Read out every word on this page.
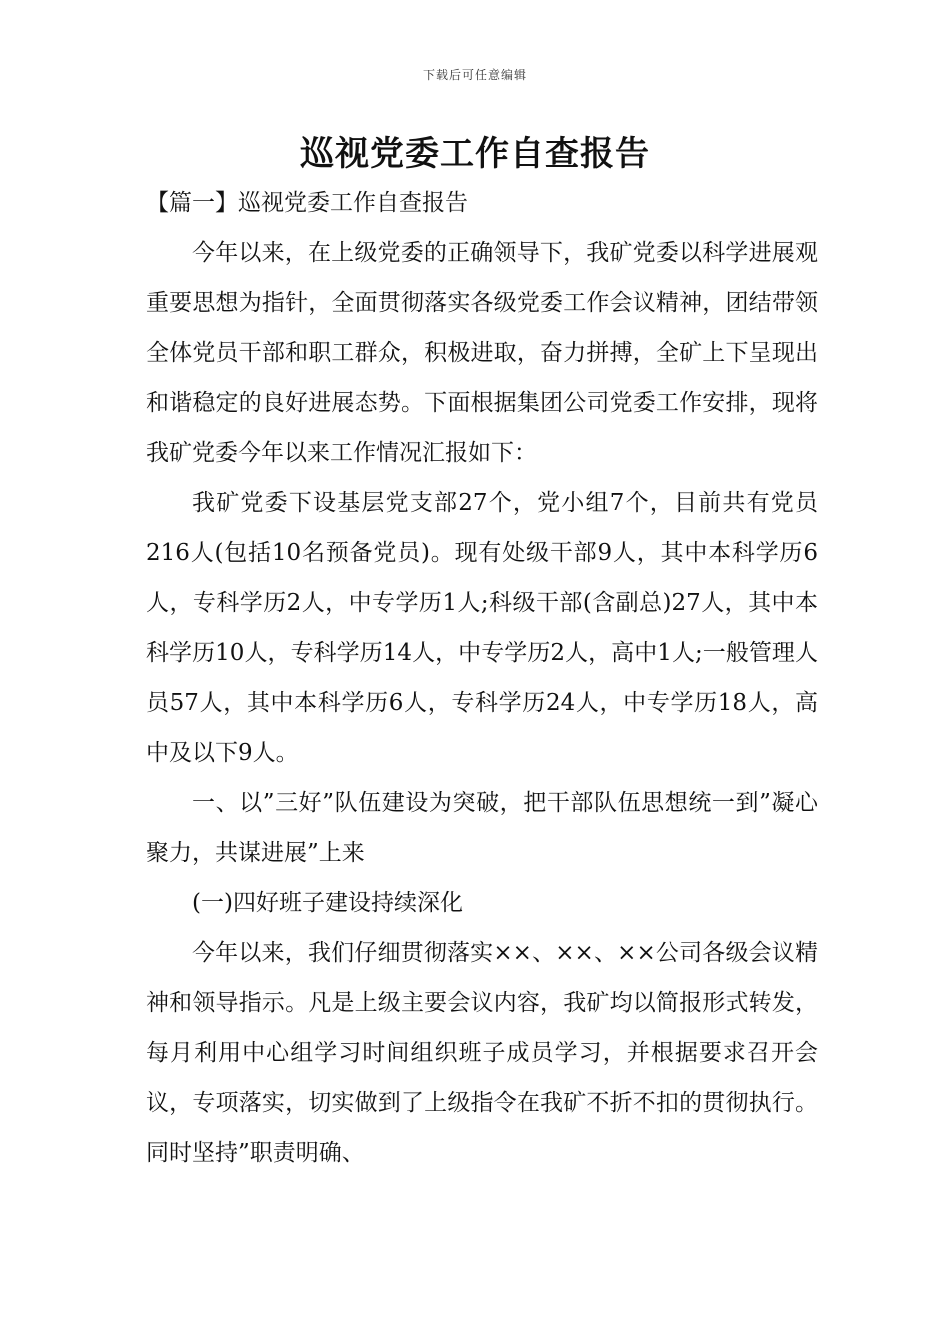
下载后可任意编辑
巡视党委工作自查报告

【篇一】巡视党委工作自查报告

今年以来，在上级党委的正确领导下，我矿党委以科学进展观重要思想为指针，全面贯彻落实各级党委工作会议精神，团结带领全体党员干部和职工群众，积极进取，奋力拼搏，全矿上下呈现出和谐稳定的良好进展态势。下面根据集团公司党委工作安排，现将我矿党委今年以来工作情况汇报如下：

我矿党委下设基层党支部27个，党小组7个，目前共有党员216人(包括10名预备党员)。现有处级干部9人，其中本科学历6人，专科学历2人，中专学历1人;科级干部(含副总)27人，其中本科学历10人，专科学历14人，中专学历2人，高中1人;一般管理人员57人，其中本科学历6人，专科学历24人，中专学历18人，高中及以下9人。

一、以”三好”队伍建设为突破，把干部队伍思想统一到”凝心聚力，共谋进展”上来

(一)四好班子建设持续深化

今年以来，我们仔细贯彻落实××、××、××公司各级会议精神和领导指示。凡是上级主要会议内容，我矿均以简报形式转发，每月利用中心组学习时间组织班子成员学习，并根据要求召开会议，专项落实，切实做到了上级指令在我矿不折不扣的贯彻执行。同时坚持”职责明确、
